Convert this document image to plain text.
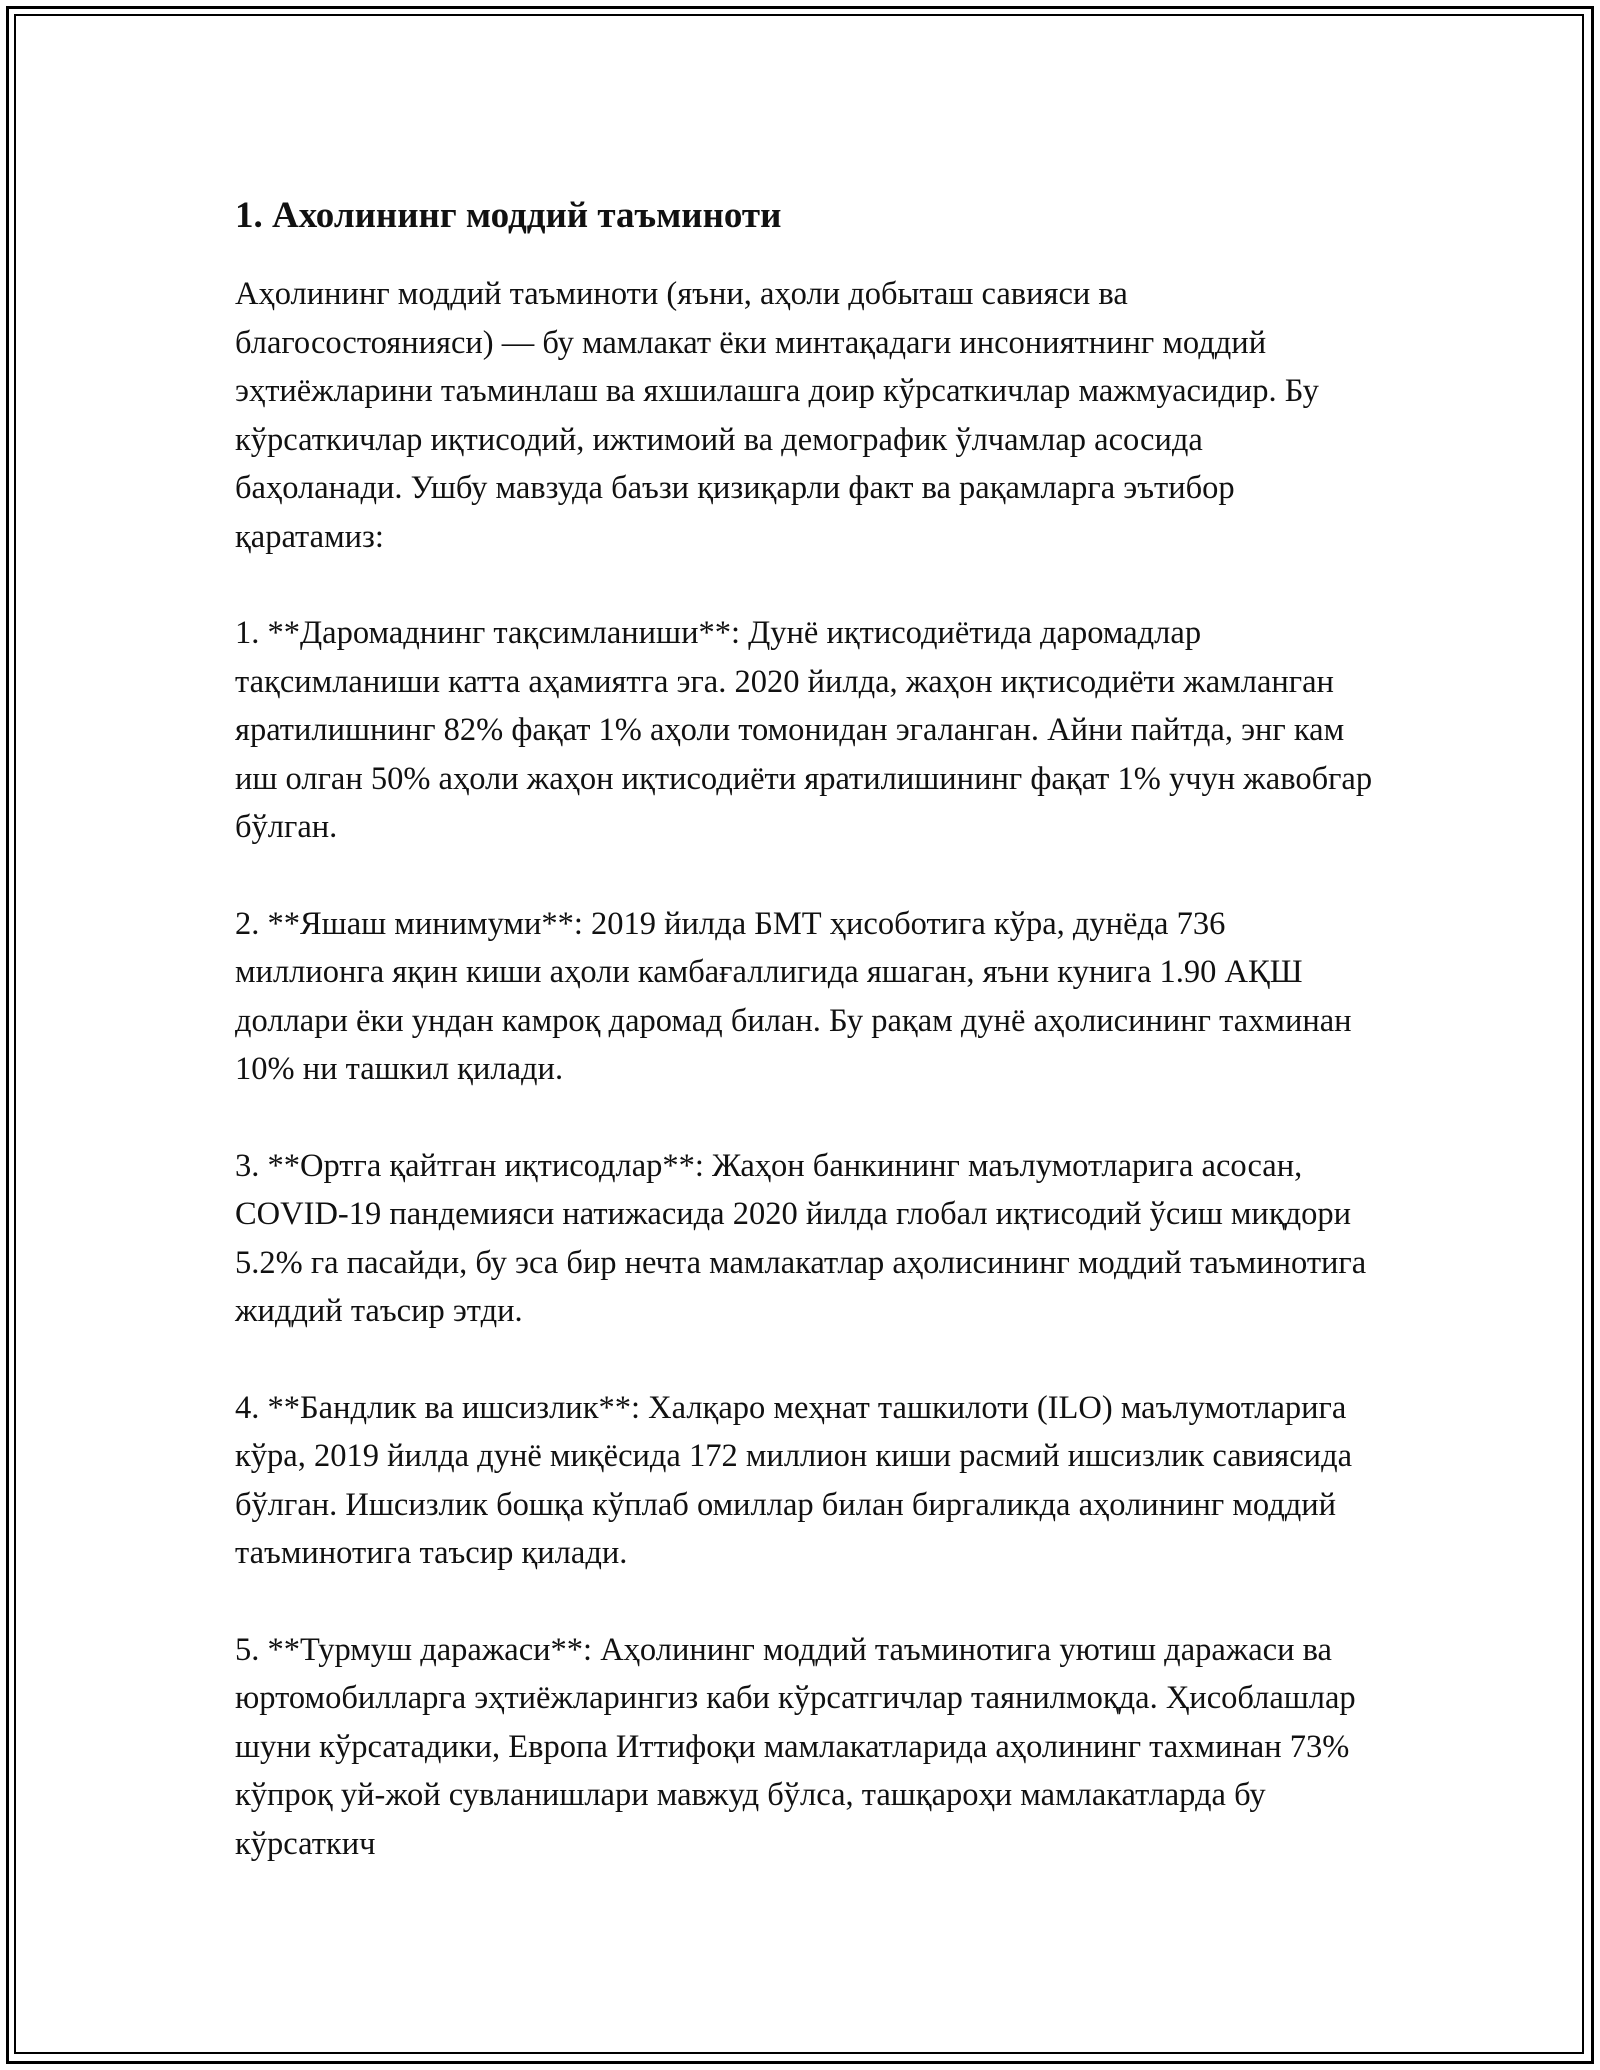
1. Ахолининг моддий таъминоти

Аҳолининг моддий таъминоти (яъни, аҳоли добыташ савияси ва благосостоянияси) — бу мамлакат ёки минтақадаги инсониятнинг моддий эҳтиёжларини таъминлаш ва яхшилашга доир кўрсаткичлар мажмуасидир. Бу кўрсаткичлар иқтисодий, ижтимоий ва демографик ўлчамлар асосида баҳоланади. Ушбу мавзуда баъзи қизиқарли факт ва рақамларга эътибор қаратамиз:

1. **Даромаднинг тақсимланиши**: Дунё иқтисодиётида даромадлар тақсимланиши катта аҳамиятга эга. 2020 йилда, жаҳон иқтисодиёти жамланган яратилишнинг 82% фақат 1% аҳоли томонидан эгаланган. Айни пайтда, энг кам иш олган 50% аҳоли жаҳон иқтисодиёти яратилишининг фақат 1% учун жавобгар бўлган.

2. **Яшаш минимуми**: 2019 йилда БМТ ҳисоботига кўра, дунёда 736 миллионга яқин киши аҳоли камбағаллигида яшаган, яъни кунига 1.90 АҚШ доллари ёки ундан камроқ даромад билан. Бу рақам дунё аҳолисининг тахминан 10% ни ташкил қилади.

3. **Ортга қайтган иқтисодлар**: Жаҳон банкининг маълумотларига асосан, COVID-19 пандемияси натижасида 2020 йилда глобал иқтисодий ўсиш миқдори 5.2% га пасайди, бу эса бир нечта мамлакатлар аҳолисининг моддий таъминотига жиддий таъсир этди.

4. **Бандлик ва ишсизлик**: Халқаро меҳнат ташкилоти (ILO) маълумотларига кўра, 2019 йилда дунё миқёсида 172 миллион киши расмий ишсизлик савиясида бўлган. Ишсизлик бошқа кўплаб омиллар билан биргаликда аҳолининг моддий таъминотига таъсир қилади.

5. **Турмуш даражаси**: Аҳолининг моддий таъминотига уютиш даражаси ва юртомобилларга эҳтиёжларингиз каби кўрсатгичлар таянилмоқда. Ҳисоблашлар шуни кўрсатадики, Европа Иттифоқи мамлакатларида аҳолининг тахминан 73% кўпроқ уй-жой сувланишлари мавжуд бўлса, ташқароҳи мамлакатларда бу кўрсаткич
